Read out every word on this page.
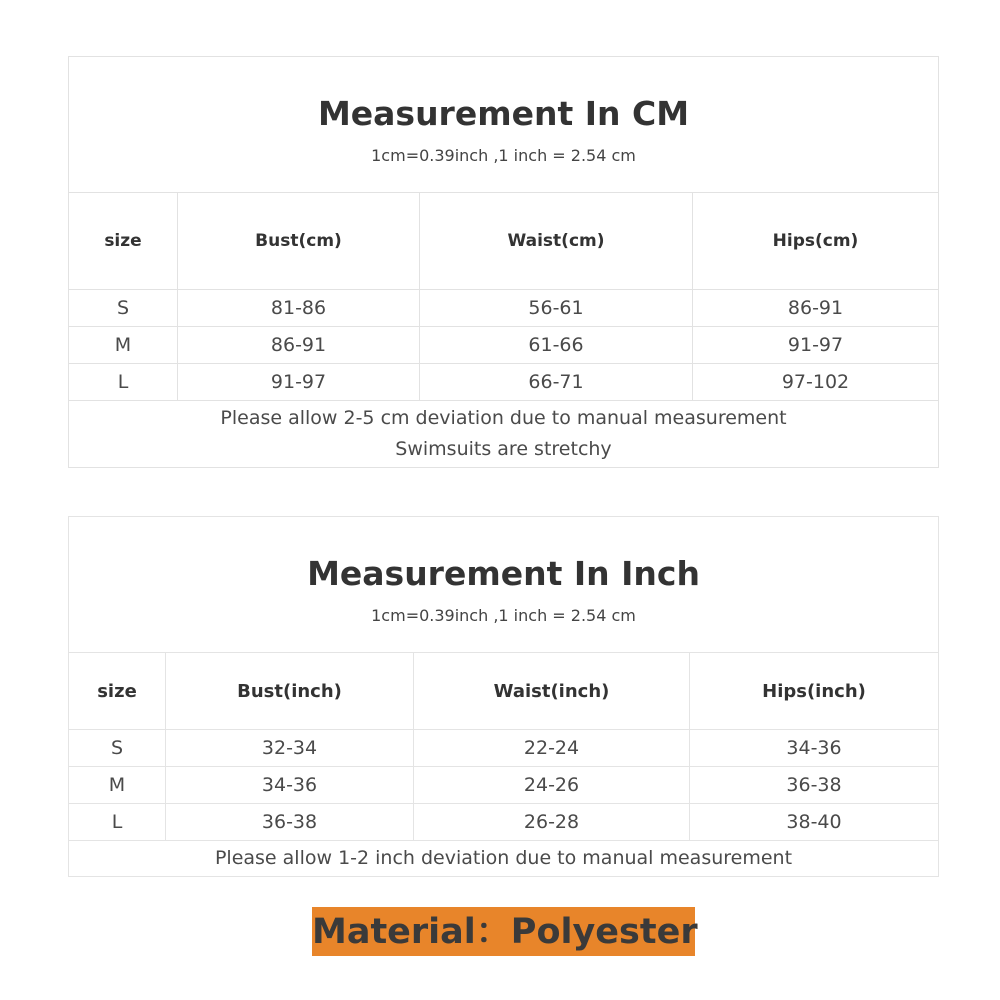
Measurement In CM
1cm=0.39inch ,1 inch = 2.54 cm			

size	Bust(cm)	Waist(cm)	Hips(cm)
S	81-86	56-61	86-91
M	86-91	61-66	91-97
L	91-97	66-71	97-102

Please allow 2-5 cm deviation due to manual measurement
Swimsuits are stretchy			
Measurement In Inch
1cm=0.39inch ,1 inch = 2.54 cm			

size	Bust(inch)	Waist(inch)	Hips(inch)
S	32-34	22-24	34-36
M	34-36	24-26	36-38
L	36-38	26-28	38-40

Please allow 1-2 inch deviation due to manual measurement			
Material：Polyester
